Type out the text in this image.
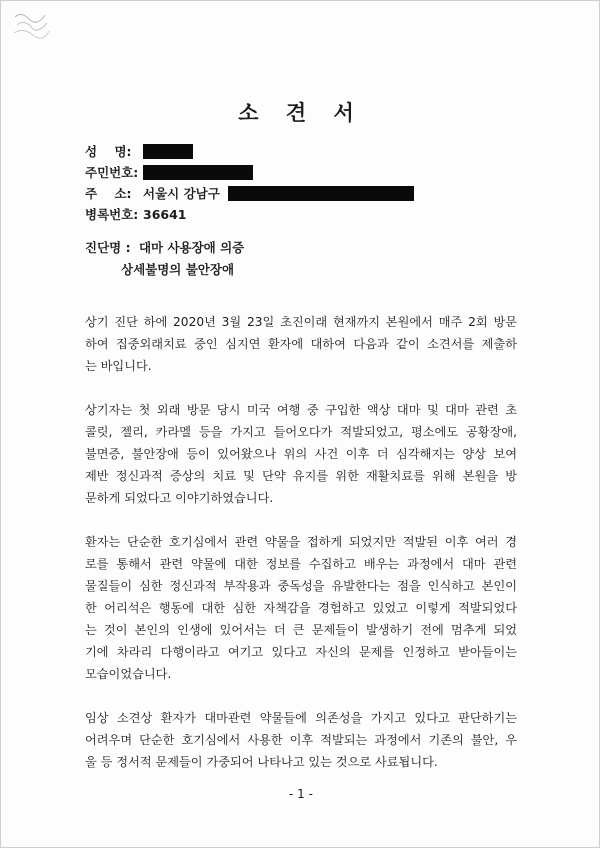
소 견 서
성    명:
주민번호:
주    소: 서울시 강남구
병록번호: 36641
진단명 : 대마 사용장애 의증
상세불명의 불안장애
상기 진단 하에 2020년 3월 23일 초진이래 현재까지 본원에서 매주 2회 방문
하여 집중외래치료 중인 심지연 환자에 대하여 다음과 같이 소견서를 제출하
는 바입니다.
상기자는 첫 외래 방문 당시 미국 여행 중 구입한 액상 대마 및 대마 관련 초
콜릿, 젤리, 카라멜 등을 가지고 들어오다가 적발되었고, 평소에도 공황장애,
불면증, 불안장애 등이 있어왔으나 위의 사건 이후 더 심각해지는 양상 보여
제반 정신과적 증상의 치료 및 단약 유지를 위한 재활치료를 위해 본원을 방
문하게 되었다고 이야기하였습니다.
환자는 단순한 호기심에서 관련 약물을 접하게 되었지만 적발된 이후 여러 경
로를 통해서 관련 약물에 대한 정보를 수집하고 배우는 과정에서 대마 관련
물질들이 심한 정신과적 부작용과 중독성을 유발한다는 점을 인식하고 본인이
한 어리석은 행동에 대한 심한 자책감을 경험하고 있었고 이렇게 적발되었다
는 것이 본인의 인생에 있어서는 더 큰 문제들이 발생하기 전에 멈추게 되었
기에 차라리 다행이라고 여기고 있다고 자신의 문제를 인정하고 받아들이는
모습이었습니다.
임상 소견상 환자가 대마관련 약물들에 의존성을 가지고 있다고 판단하기는
어려우며 단순한 호기심에서 사용한 이후 적발되는 과정에서 기존의 불안, 우
울 등 정서적 문제들이 가중되어 나타나고 있는 것으로 사료됩니다.
- 1 -
